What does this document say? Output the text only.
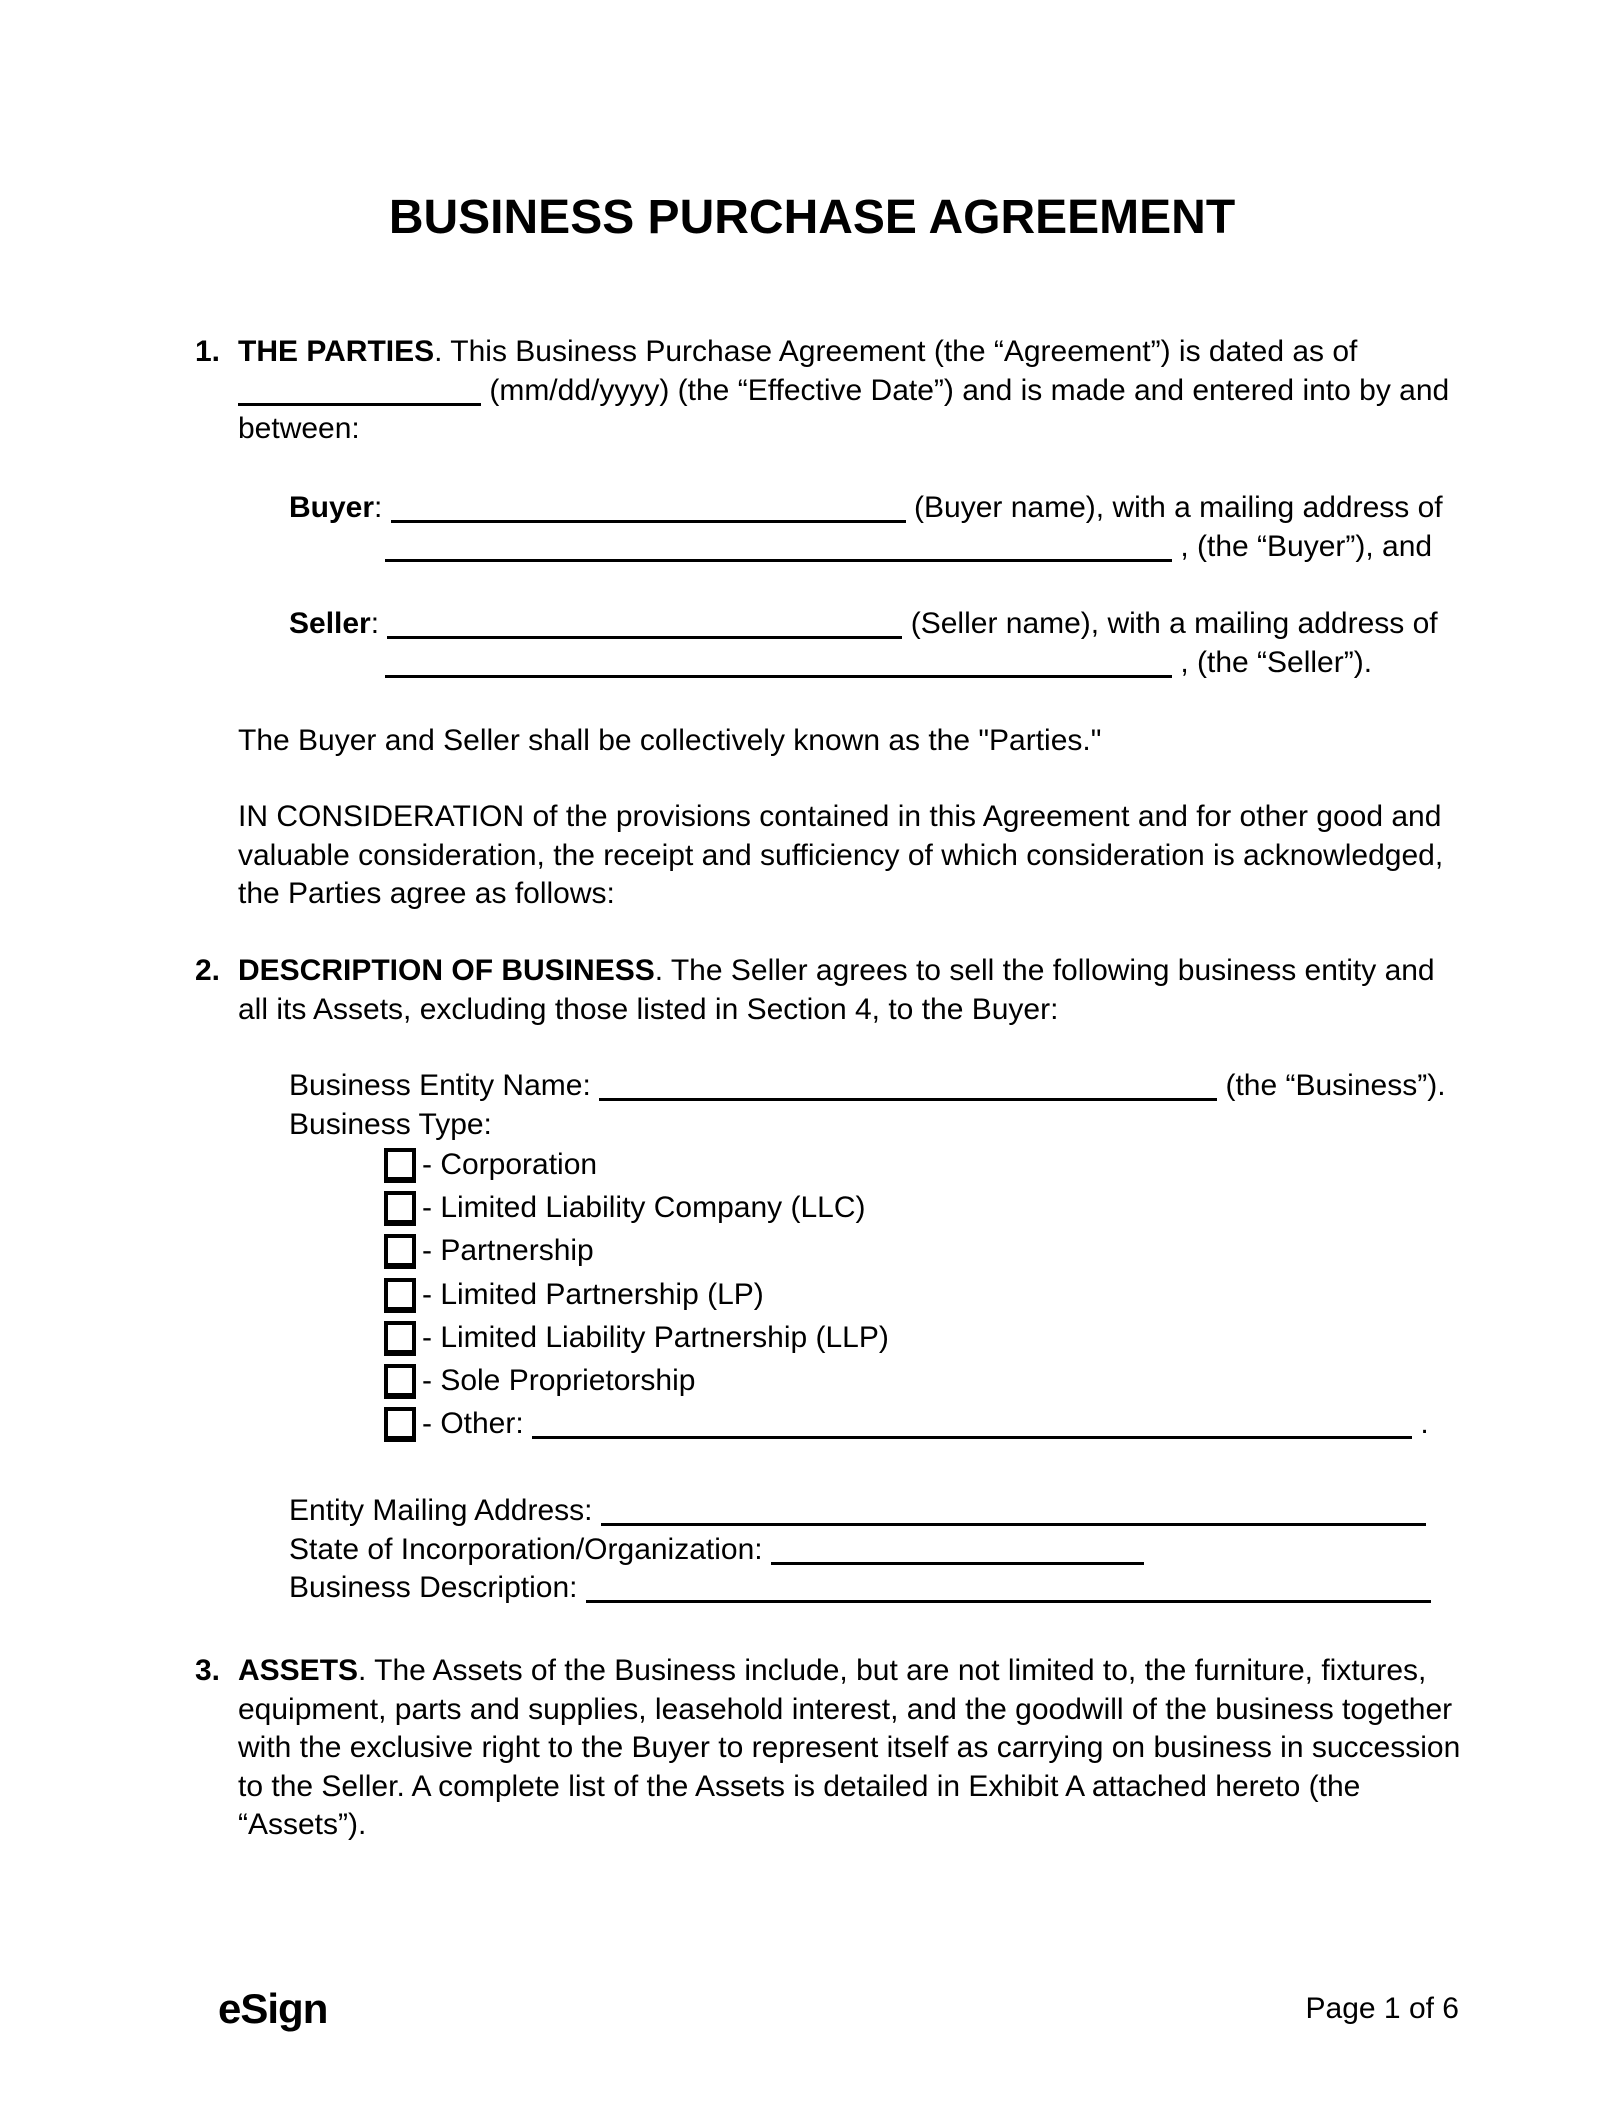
BUSINESS PURCHASE AGREEMENT
1. THE PARTIES. This Business Purchase Agreement (the “Agreement”) is dated as of
(mm/dd/yyyy) (the “Effective Date”) and is made and entered into by and
between:
Buyer:	(Buyer name), with a mailing address of
, (the “Buyer”), and
Seller:	(Seller name), with a mailing address of
, (the “Seller”).
The Buyer and Seller shall be collectively known as the "Parties."
IN CONSIDERATION of the provisions contained in this Agreement and for other good and
valuable consideration, the receipt and sufficiency of which consideration is acknowledged,
the Parties agree as follows:
2. DESCRIPTION OF BUSINESS. The Seller agrees to sell the following business entity and
all its Assets, excluding those listed in Section 4, to the Buyer:
Business Entity Name:	(the “Business”).
Business Type:
- Corporation
- Limited Liability Company (LLC)
- Partnership
- Limited Partnership (LP)
- Limited Liability Partnership (LLP)
- Sole Proprietorship
- Other:	.
Entity Mailing Address:
State of Incorporation/Organization:
Business Description:
3. ASSETS. The Assets of the Business include, but are not limited to, the furniture, fixtures,
equipment, parts and supplies, leasehold interest, and the goodwill of the business together
with the exclusive right to the Buyer to represent itself as carrying on business in succession
to the Seller. A complete list of the Assets is detailed in Exhibit A attached hereto (the
“Assets”).
eSign	Page 1 of 6
